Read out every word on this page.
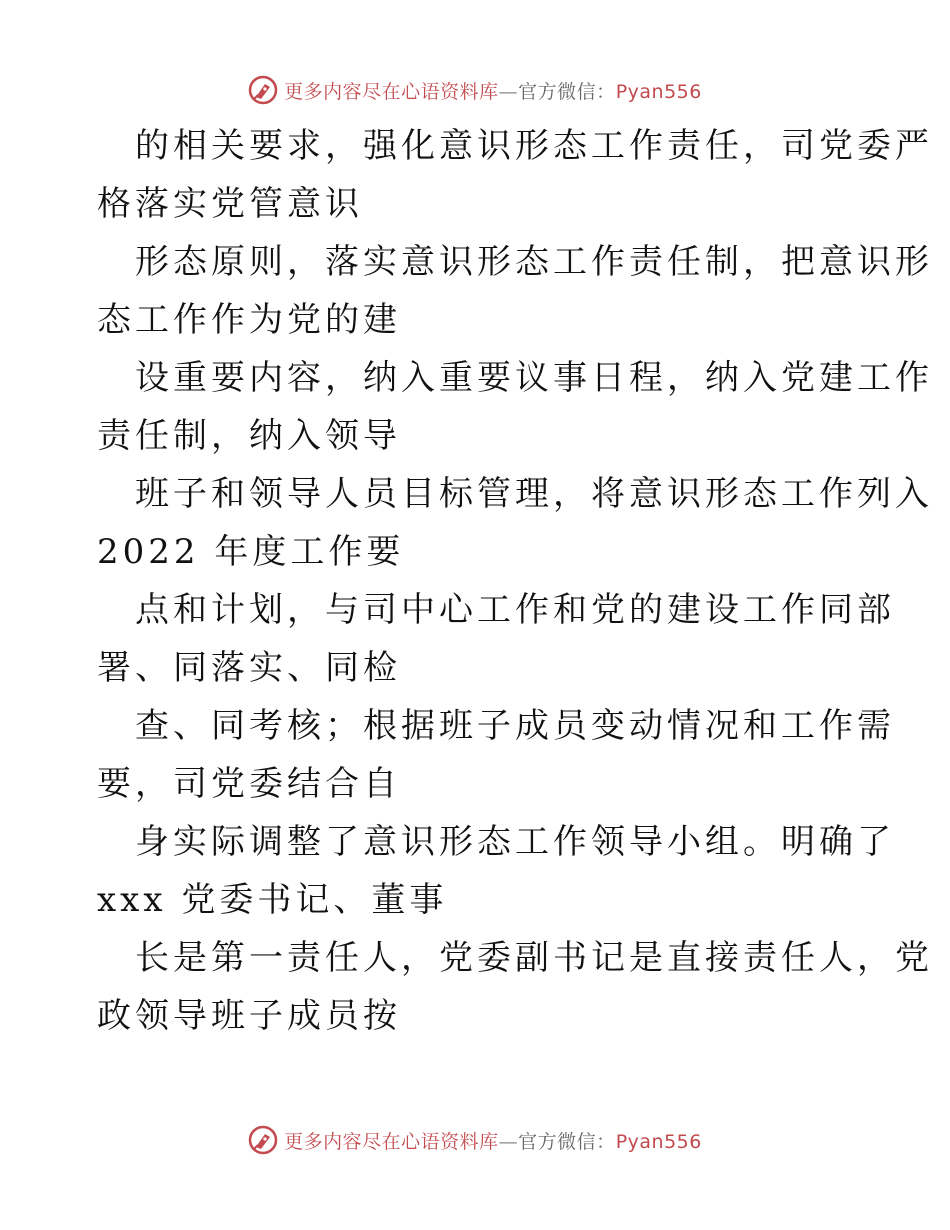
更多内容尽在心语资料库—官方微信：Pyan556
的相关要求，强化意识形态工作责任，司党委严
格落实党管意识
形态原则，落实意识形态工作责任制，把意识形
态工作作为党的建
设重要内容，纳入重要议事日程，纳入党建工作
责任制，纳入领导
班子和领导人员目标管理，将意识形态工作列入
2022 年度工作要
点和计划，与司中心工作和党的建设工作同部
署、同落实、同检
查、同考核；根据班子成员变动情况和工作需
要，司党委结合自
身实际调整了意识形态工作领导小组。明确了
xxx 党委书记、董事
长是第一责任人，党委副书记是直接责任人，党
政领导班子成员按
更多内容尽在心语资料库—官方微信：Pyan556
